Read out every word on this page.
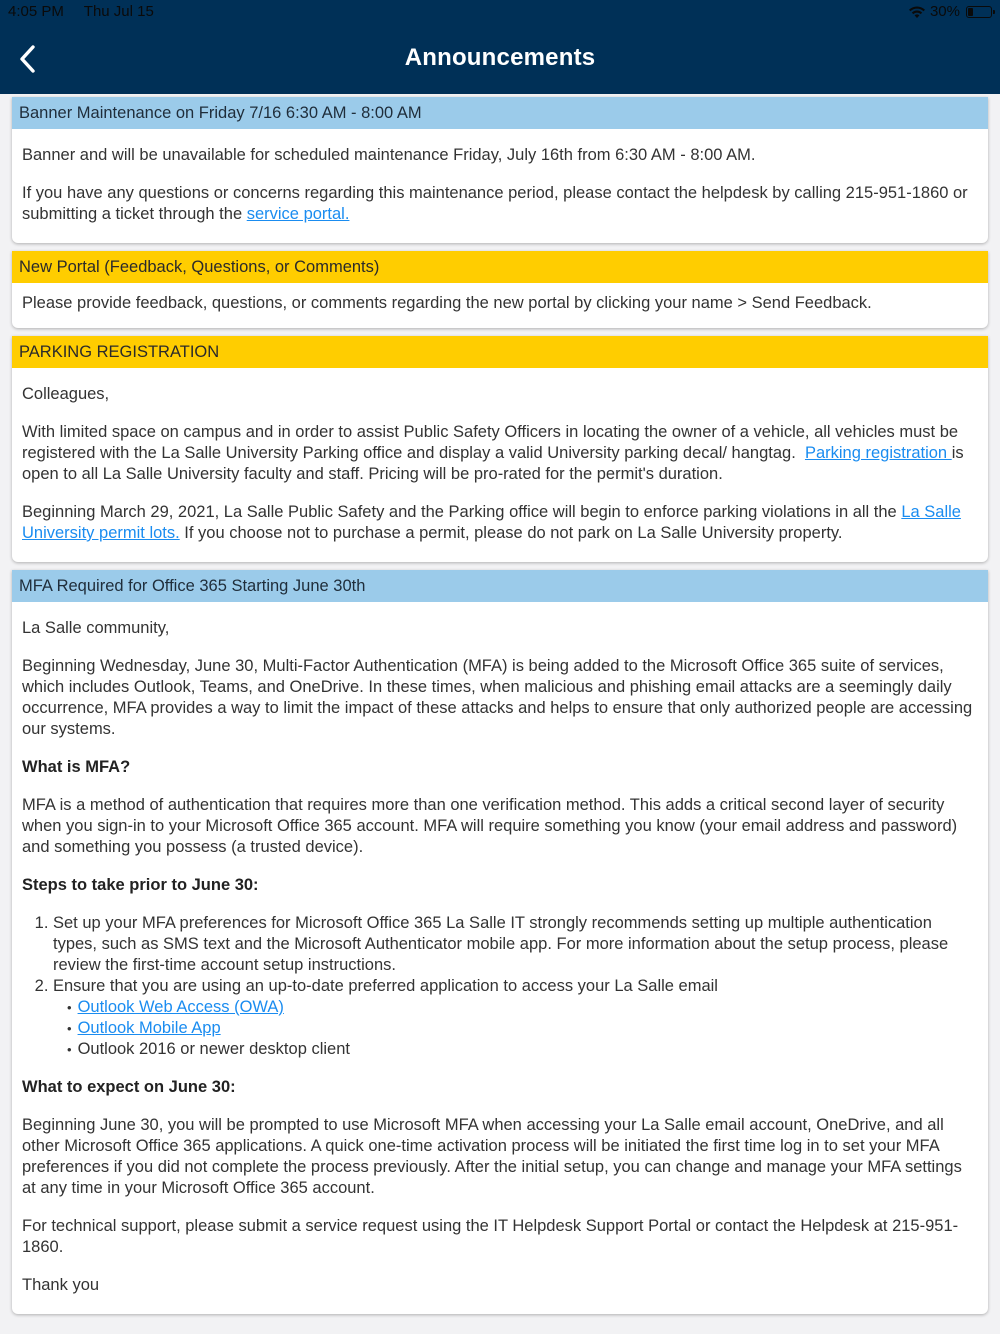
4:05 PM Thu Jul 15	30%
Announcements
Banner Maintenance on Friday 7/16 6:30 AM - 8:00 AM

Banner and will be unavailable for scheduled maintenance Friday, July 16th from 6:30 AM - 8:00 AM.

If you have any questions or concerns regarding this maintenance period, please contact the helpdesk by calling 215-951-1860 or submitting a ticket through the service portal.

New Portal (Feedback, Questions, or Comments)

Please provide feedback, questions, or comments regarding the new portal by clicking your name > Send Feedback.

PARKING REGISTRATION

Colleagues,

With limited space on campus and in order to assist Public Safety Officers in locating the owner of a vehicle, all vehicles must be registered with the La Salle University Parking office and display a valid University parking decal/ hangtag.  Parking registration is open to all La Salle University faculty and staff. Pricing will be pro-rated for the permit's duration.

Beginning March 29, 2021, La Salle Public Safety and the Parking office will begin to enforce parking violations in all the La Salle University permit lots. If you choose not to purchase a permit, please do not park on La Salle University property.

MFA Required for Office 365 Starting June 30th

La Salle community,

Beginning Wednesday, June 30, Multi-Factor Authentication (MFA) is being added to the Microsoft Office 365 suite of services, which includes Outlook, Teams, and OneDrive. In these times, when malicious and phishing email attacks are a seemingly daily occurrence, MFA provides a way to limit the impact of these attacks and helps to ensure that only authorized people are accessing our systems.

What is MFA?

MFA is a method of authentication that requires more than one verification method. This adds a critical second layer of security when you sign-in to your Microsoft Office 365 account. MFA will require something you know (your email address and password) and something you possess (a trusted device).

Steps to take prior to June 30:
1. Set up your MFA preferences for Microsoft Office 365 La Salle IT strongly recommends setting up multiple authentication types, such as SMS text and the Microsoft Authenticator mobile app. For more information about the setup process, please review the first-time account setup instructions.
2. Ensure that you are using an up-to-date preferred application to access your La Salle email
• Outlook Web Access (OWA)
• Outlook Mobile App
• Outlook 2016 or newer desktop client
What to expect on June 30:

Beginning June 30, you will be prompted to use Microsoft MFA when accessing your La Salle email account, OneDrive, and all other Microsoft Office 365 applications. A quick one-time activation process will be initiated the first time log in to set your MFA preferences if you did not complete the process previously. After the initial setup, you can change and manage your MFA settings at any time in your Microsoft Office 365 account.

For technical support, please submit a service request using the IT Helpdesk Support Portal or contact the Helpdesk at 215-951-1860.

Thank you
